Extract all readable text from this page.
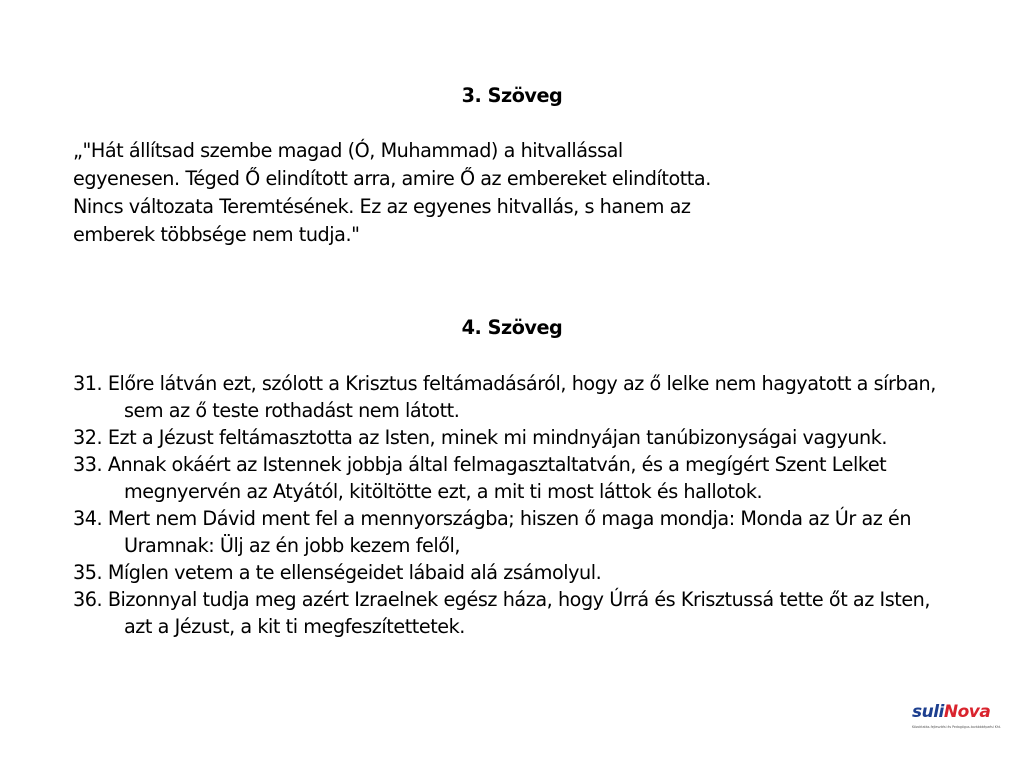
3. Szöveg
„"Hát állítsad szembe magad (Ó, Muhammad) a hitvallással
egyenesen. Téged Ő elindított arra, amire Ő az embereket elindította.
Nincs változata Teremtésének. Ez az egyenes hitvallás, s hanem az
emberek többsége nem tudja."
4. Szöveg
31. Előre látván ezt, szólott a Krisztus feltámadásáról, hogy az ő lelke nem hagyatott a sírban, sem az ő teste rothadást nem látott.
32. Ezt a Jézust feltámasztotta az Isten, minek mi mindnyájan tanúbizonyságai vagyunk.
33. Annak okáért az Istennek jobbja által felmagasztaltatván, és a megígért Szent Lelket megnyervén az Atyától, kitöltötte ezt, a mit ti most láttok és hallotok.
34. Mert nem Dávid ment fel a mennyországba; hiszen ő maga mondja: Monda az Úr az én Uramnak: Ülj az én jobb kezem felől,
35. Míglen vetem a te ellenségeidet lábaid alá zsámolyul.
36. Bizonnyal tudja meg azért Izraelnek egész háza, hogy Úrrá és Krisztussá tette őt az Isten, azt a Jézust, a kit ti megfeszítettetek.
suliNova
Közoktatás-fejlesztési és Pedagógus-továbbképzési Kht.
